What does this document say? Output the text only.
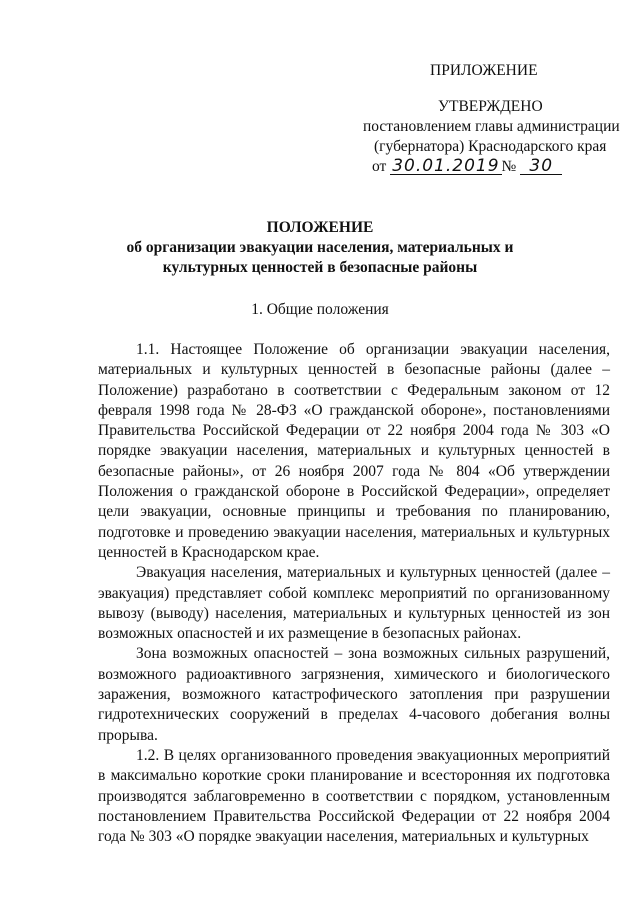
ПРИЛОЖЕНИЕ
УТВЕРЖДЕНО
постановлением главы администрации
(губернатора) Краснодарского края
от 30.01.2019 № 30
ПОЛОЖЕНИЕ
об организации эвакуации населения, материальных и
культурных ценностей в безопасные районы
1. Общие положения

1.1. Настоящее Положение об организации эвакуации населения, материальных и культурных ценностей в безопасные районы (далее – Положение) разработано в соответствии с Федеральным законом от 12 февраля 1998 года № 28-ФЗ «О гражданской обороне», постановлениями Правительства Российской Федерации от 22 ноября 2004 года № 303 «О порядке эвакуации населения, материальных и культурных ценностей в безопасные районы», от 26 ноября 2007 года № 804 «Об утверждении Положения о гражданской обороне в Российской Федерации», определяет цели эвакуации, основные принципы и требования по планированию, подготовке и проведению эвакуации населения, материальных и культурных ценностей в Краснодарском крае.

Эвакуация населения, материальных и культурных ценностей (далее – эвакуация) представляет собой комплекс мероприятий по организованному вывозу (выводу) населения, материальных и культурных ценностей из зон возможных опасностей и их размещение в безопасных районах.

Зона возможных опасностей – зона возможных сильных разрушений, возможного радиоактивного загрязнения, химического и биологического заражения, возможного катастрофического затопления при разрушении гидротехнических сооружений в пределах 4-часового добегания волны прорыва.

1.2. В целях организованного проведения эвакуационных мероприятий в максимально короткие сроки планирование и всесторонняя их подготовка производятся заблаговременно в соответствии с порядком, установленным постановлением Правительства Российской Федерации от 22 ноября 2004 года № 303 «О порядке эвакуации населения, материальных и культурных
